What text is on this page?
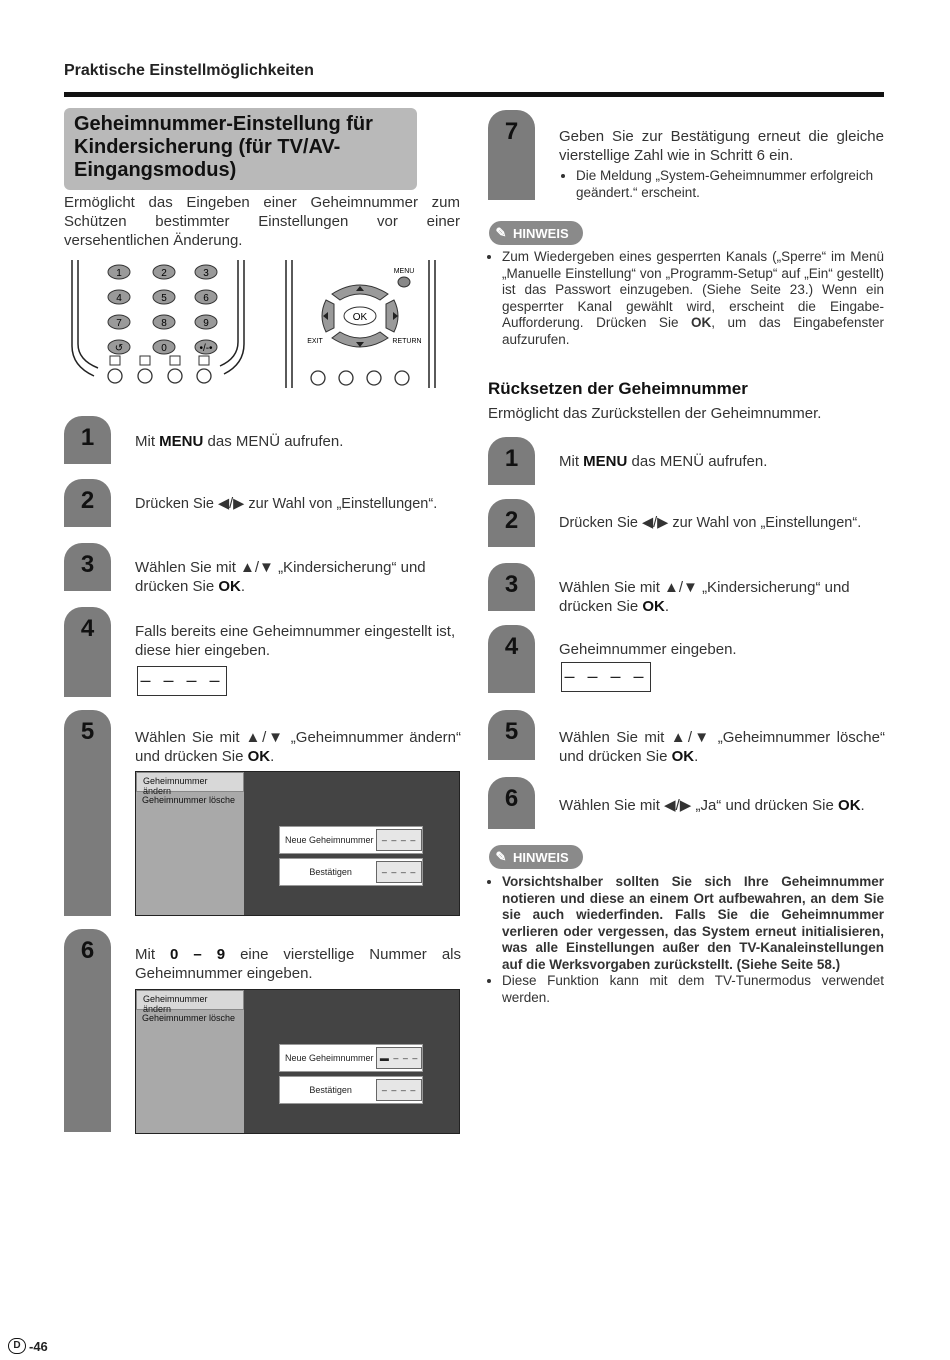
Praktische Einstellmöglichkeiten
Geheimnummer-Einstellung für Kindersicherung (für TV/AV-Eingangsmodus)
Ermöglicht das Eingeben einer Geheimnummer zum Schützen bestimmter Einstellungen vor einer versehentlichen Änderung.
1	2	3
4	5	6
7	8	9
↺	0	•/-•
MENU
OK
EXIT	RETURN
1	Mit MENU das MENÜ aufrufen.
2	Drücken Sie ◀/▶ zur Wahl von „Einstellungen“.
3	Wählen Sie mit ▲/▼ „Kindersicherung“ und drücken Sie OK.
4	Falls bereits eine Geheimnummer eingestellt ist, diese hier eingeben.
– – – –
5	Wählen Sie mit ▲/▼ „Geheimnummer ändern“ und drücken Sie OK.
Geheimnummer ändern
Geheimnummer lösche
Neue Geheimnummer – – – –
Bestätigen	– – – –
6	Mit 0 – 9 eine vierstellige Nummer als Geheimnummer eingeben.
Geheimnummer ändern
Geheimnummer lösche
Neue Geheimnummer ▬ – – –
Bestätigen	– – – –
7	Geben Sie zur Bestätigung erneut die gleiche vierstellige Zahl wie in Schritt 6 ein.
• Die Meldung „System-Geheimnummer erfolgreich geändert.“ erscheint.
✎ HINWEIS
• Zum Wiedergeben eines gesperrten Kanals („Sperre“ im Menü „Manuelle Einstellung“ von „Programm-Setup“ auf „Ein“ gestellt) ist das Passwort einzugeben. (Siehe Seite 23.) Wenn ein gesperrter Kanal gewählt wird, erscheint die Eingabe-Aufforderung. Drücken Sie OK, um das Eingabefenster aufzurufen.
Rücksetzen der Geheimnummer
Ermöglicht das Zurückstellen der Geheimnummer.
1	Mit MENU das MENÜ aufrufen.
2	Drücken Sie ◀/▶ zur Wahl von „Einstellungen“.
3	Wählen Sie mit ▲/▼ „Kindersicherung“ und drücken Sie OK.
4	Geheimnummer eingeben.
– – – –
5	Wählen Sie mit ▲/▼ „Geheimnummer lösche“ und drücken Sie OK.
6	Wählen Sie mit ◀/▶ „Ja“ und drücken Sie OK.
✎ HINWEIS
• Vorsichtshalber sollten Sie sich Ihre Geheimnummer notieren und diese an einem Ort aufbewahren, an dem Sie sie auch wiederfinden. Falls Sie die Geheimnummer verlieren oder vergessen, das System erneut initialisieren, was alle Einstellungen außer den TV-Kanaleinstellungen auf die Werksvorgaben zurückstellt. (Siehe Seite 58.)
• Diese Funktion kann mit dem TV-Tunermodus verwendet werden.
D -46
